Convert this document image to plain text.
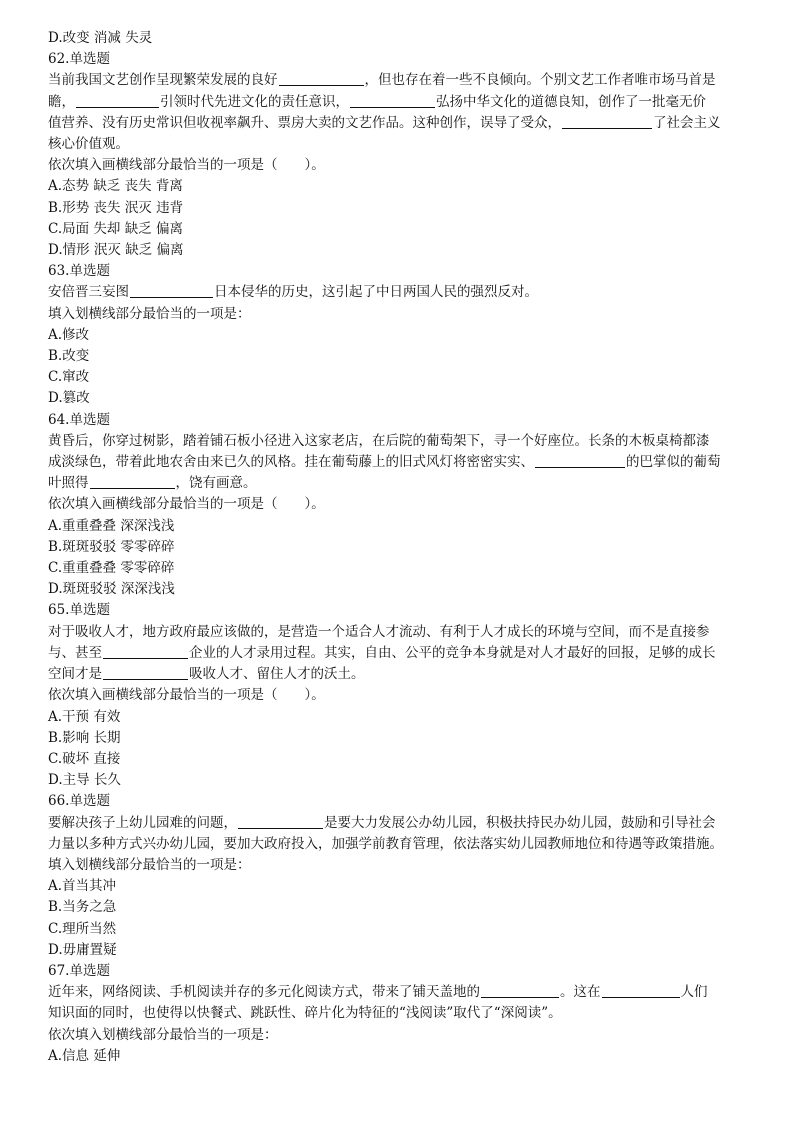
D.改变 消减 失灵
62.单选题
当前我国文艺创作呈现繁荣发展的良好	，但也存在着一些不良倾向。个别文艺工作者唯市场马首是
瞻，	引领时代先进文化的责任意识，	弘扬中华文化的道德良知，创作了一批毫无价
值营养、没有历史常识但收视率飙升、票房大卖的文艺作品。这种创作，误导了受众，	了社会主义
核心价值观。
依次填入画横线部分最恰当的一项是（　　）。
A.态势 缺乏 丧失 背离
B.形势 丧失 泯灭 违背
C.局面 失却 缺乏 偏离
D.情形 泯灭 缺乏 偏离
63.单选题
安倍晋三妄图	日本侵华的历史，这引起了中日两国人民的强烈反对。
填入划横线部分最恰当的一项是：
A.修改
B.改变
C.窜改
D.篡改
64.单选题
黄昏后，你穿过树影，踏着铺石板小径进入这家老店，在后院的葡萄架下，寻一个好座位。长条的木板桌椅都漆
成淡绿色，带着此地农舍由来已久的风格。挂在葡萄藤上的旧式风灯将密密实实、	的巴掌似的葡萄
叶照得	，饶有画意。
依次填入画横线部分最恰当的一项是（　　）。
A.重重叠叠 深深浅浅
B.斑斑驳驳 零零碎碎
C.重重叠叠 零零碎碎
D.斑斑驳驳 深深浅浅
65.单选题
对于吸收人才，地方政府最应该做的，是营造一个适合人才流动、有利于人才成长的环境与空间，而不是直接参
与、甚至	企业的人才录用过程。其实，自由、公平的竞争本身就是对人才最好的回报，足够的成长
空间才是	吸收人才、留住人才的沃土。
依次填入画横线部分最恰当的一项是（　　）。
A.干预 有效
B.影响 长期
C.破坏 直接
D.主导 长久
66.单选题
要解决孩子上幼儿园难的问题，	是要大力发展公办幼儿园，积极扶持民办幼儿园，鼓励和引导社会
力量以多种方式兴办幼儿园，要加大政府投入，加强学前教育管理，依法落实幼儿园教师地位和待遇等政策措施。
填入划横线部分最恰当的一项是：
A.首当其冲
B.当务之急
C.理所当然
D.毋庸置疑
67.单选题
近年来，网络阅读、手机阅读并存的多元化阅读方式，带来了铺天盖地的	。这在	人们
知识面的同时，也使得以快餐式、跳跃性、碎片化为特征的“浅阅读”取代了“深阅读”。
依次填入划横线部分最恰当的一项是：
A.信息 延伸
